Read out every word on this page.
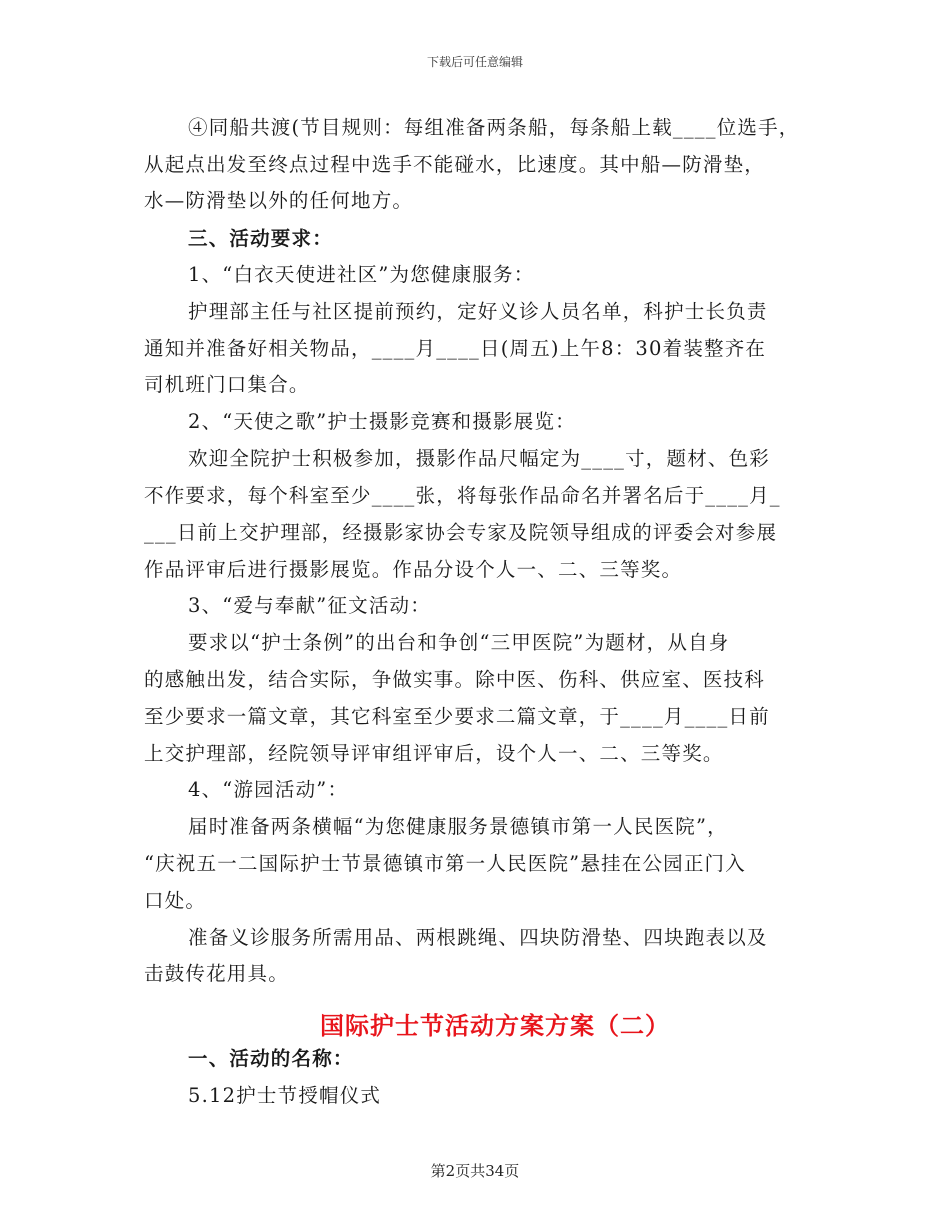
下载后可任意编辑
④同船共渡(节目规则：每组准备两条船，每条船上载____位选手，
从起点出发至终点过程中选手不能碰水，比速度。其中船—防滑垫，
水—防滑垫以外的任何地方。
三、活动要求：
1、“白衣天使进社区”为您健康服务：
护理部主任与社区提前预约，定好义诊人员名单，科护士长负责
通知并准备好相关物品，____月____日(周五)上午8：30着装整齐在
司机班门口集合。
2、“天使之歌”护士摄影竞赛和摄影展览：
欢迎全院护士积极参加，摄影作品尺幅定为____寸，题材、色彩
不作要求，每个科室至少____张，将每张作品命名并署名后于____月_
___日前上交护理部，经摄影家协会专家及院领导组成的评委会对参展
作品评审后进行摄影展览。作品分设个人一、二、三等奖。
3、“爱与奉献”征文活动：
要求以“护士条例”的出台和争创“三甲医院”为题材，从自身
的感触出发，结合实际，争做实事。除中医、伤科、供应室、医技科
至少要求一篇文章，其它科室至少要求二篇文章，于____月____日前
上交护理部，经院领导评审组评审后，设个人一、二、三等奖。
4、“游园活动”：
届时准备两条横幅“为您健康服务景德镇市第一人民医院”，
“庆祝五一二国际护士节景德镇市第一人民医院”悬挂在公园正门入
口处。
准备义诊服务所需用品、两根跳绳、四块防滑垫、四块跑表以及
击鼓传花用具。
国际护士节活动方案方案（二）
一、活动的名称：
5.12护士节授帽仪式
第2页共34页
